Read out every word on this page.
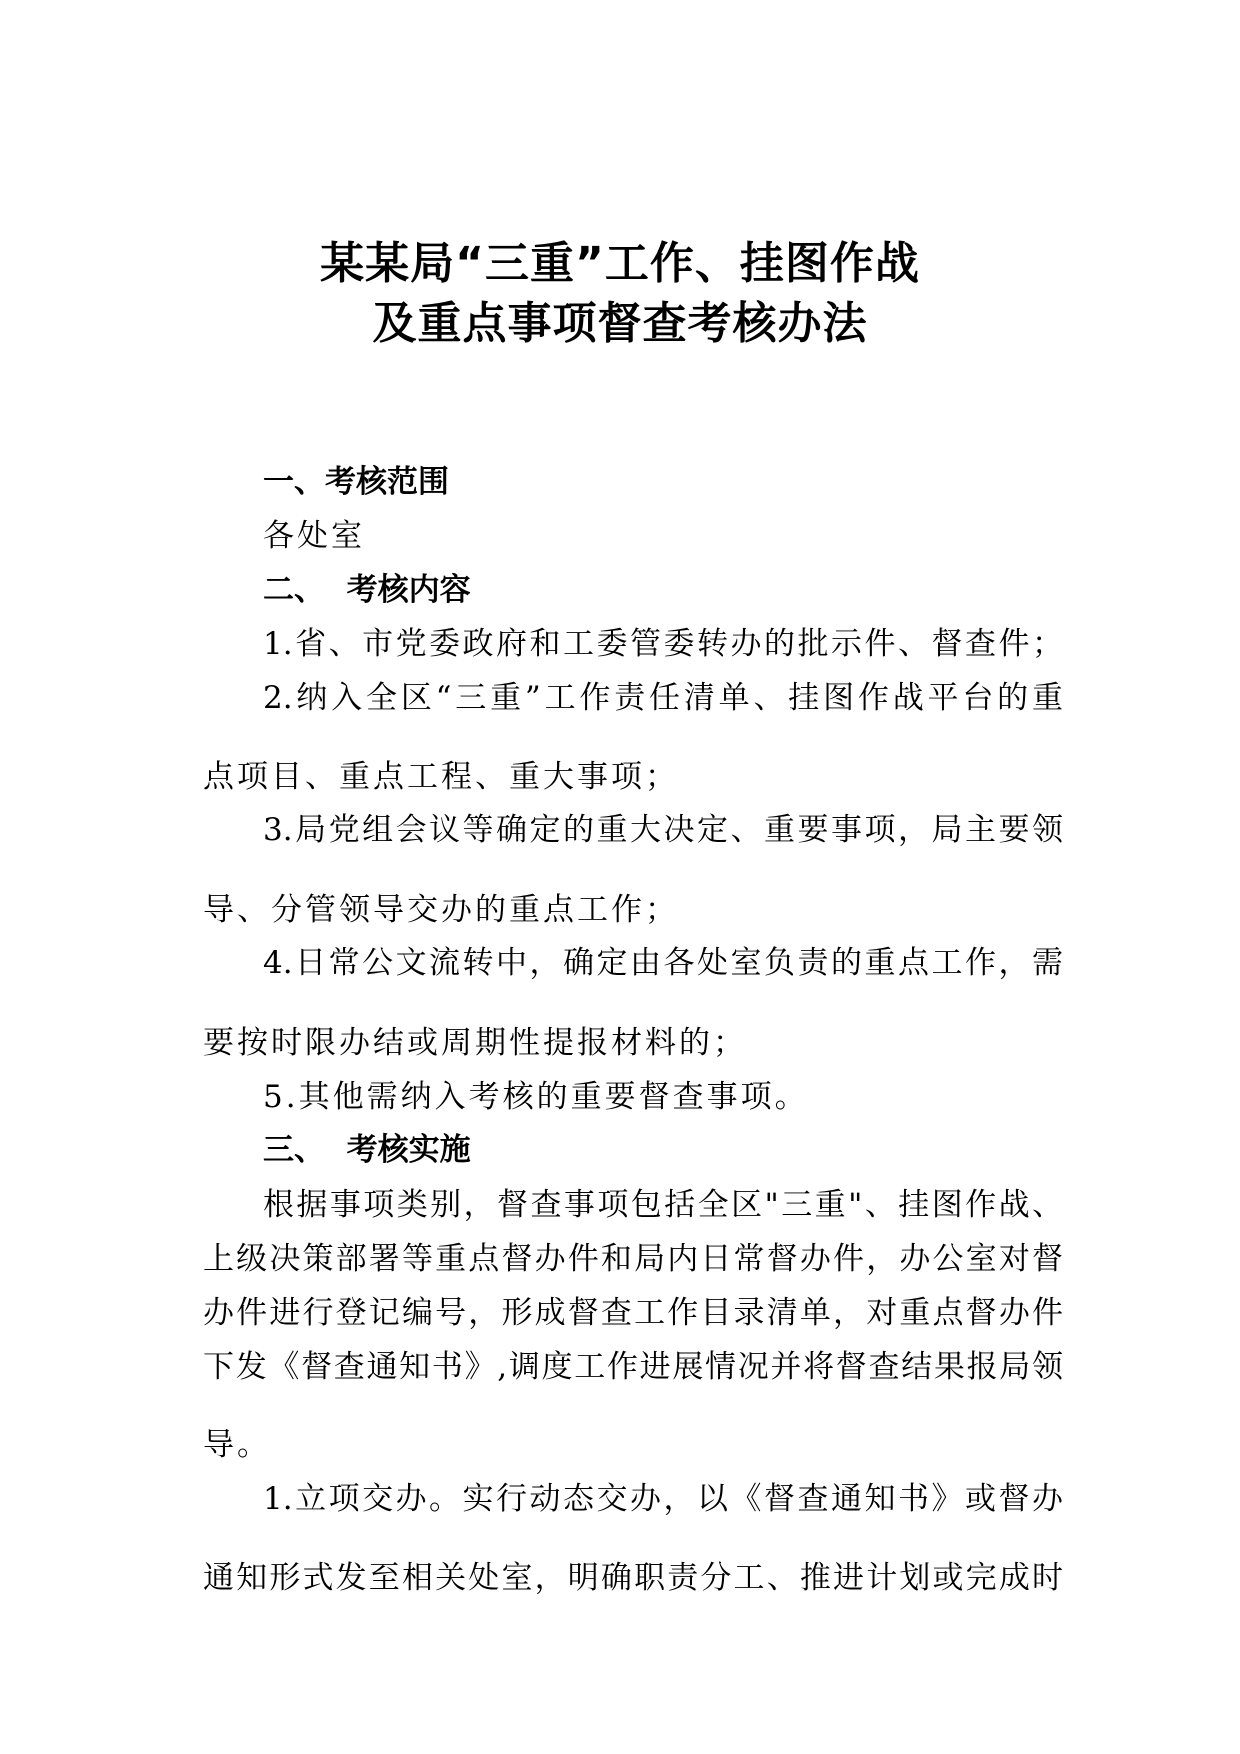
某某局“三重”工作、挂图作战
及重点事项督查考核办法
一、考核范围
各处室
二、  考核内容
1.省、市党委政府和工委管委转办的批示件、督查件；
2.纳入全区“三重”工作责任清单、挂图作战平台的重
点项目、重点工程、重大事项；
3.局党组会议等确定的重大决定、重要事项，局主要领
导、分管领导交办的重点工作；
4.日常公文流转中，确定由各处室负责的重点工作，需
要按时限办结或周期性提报材料的；
5.其他需纳入考核的重要督查事项。
三、  考核实施
根据事项类别，督查事项包括全区"三重"、挂图作战、
上级决策部署等重点督办件和局内日常督办件，办公室对督
办件进行登记编号，形成督查工作目录清单，对重点督办件
下发《督查通知书》,调度工作进展情况并将督查结果报局领
导。
1.立项交办。实行动态交办，以《督查通知书》或督办
通知形式发至相关处室，明确职责分工、推进计划或完成时
